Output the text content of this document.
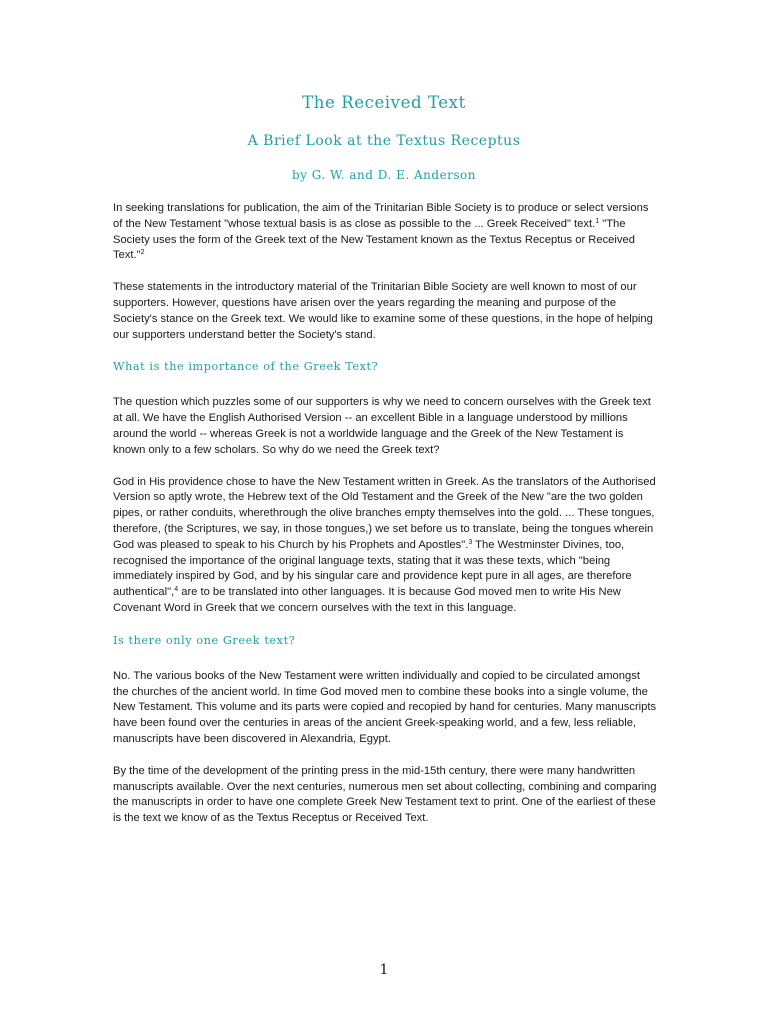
The Received Text
A Brief Look at the Textus Receptus
by G. W. and D. E. Anderson

In seeking translations for publication, the aim of the Trinitarian Bible Society is to produce or select versions of the New Testament "whose textual basis is as close as possible to the ... Greek Received" text.$^1$ "The Society uses the form of the Greek text of the New Testament known as the Textus Receptus or Received Text."$^2$

These statements in the introductory material of the Trinitarian Bible Society are well known to most of our supporters. However, questions have arisen over the years regarding the meaning and purpose of the Society's stance on the Greek text. We would like to examine some of these questions, in the hope of helping our supporters understand better the Society's stand.

What is the importance of the Greek Text?

The question which puzzles some of our supporters is why we need to concern ourselves with the Greek text at all. We have the English Authorised Version -- an excellent Bible in a language understood by millions around the world -- whereas Greek is not a worldwide language and the Greek of the New Testament is known only to a few scholars. So why do we need the Greek text?

God in His providence chose to have the New Testament written in Greek. As the translators of the Authorised Version so aptly wrote, the Hebrew text of the Old Testament and the Greek of the New "are the two golden pipes, or rather conduits, wherethrough the olive branches empty themselves into the gold. ... These tongues, therefore, (the Scriptures, we say, in those tongues,) we set before us to translate, being the tongues wherein God was pleased to speak to his Church by his Prophets and Apostles".$^3$ The Westminster Divines, too, recognised the importance of the original language texts, stating that it was these texts, which "being immediately inspired by God, and by his singular care and providence kept pure in all ages, are therefore authentical",$^4$ are to be translated into other languages. It is because God moved men to write His New Covenant Word in Greek that we concern ourselves with the text in this language.

Is there only one Greek text?

No. The various books of the New Testament were written individually and copied to be circulated amongst the churches of the ancient world. In time God moved men to combine these books into a single volume, the New Testament. This volume and its parts were copied and recopied by hand for centuries. Many manuscripts have been found over the centuries in areas of the ancient Greek-speaking world, and a few, less reliable, manuscripts have been discovered in Alexandria, Egypt.

By the time of the development of the printing press in the mid-15th century, there were many handwritten manuscripts available. Over the next centuries, numerous men set about collecting, combining and comparing the manuscripts in order to have one complete Greek New Testament text to print. One of the earliest of these is the text we know of as the Textus Receptus or Received Text.

1
